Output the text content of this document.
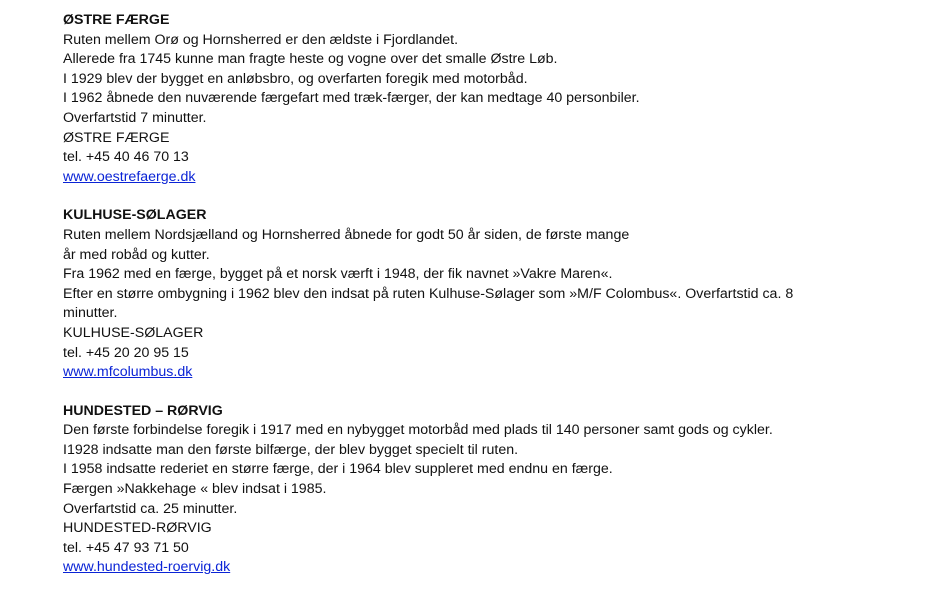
ØSTRE FÆRGE
Ruten mellem Orø og Hornsherred er den ældste i Fjordlandet.
Allerede fra 1745 kunne man fragte heste og vogne over det smalle Østre Løb.
I 1929 blev der bygget en anløbsbro, og overfarten foregik med motorbåd.
I 1962 åbnede den nuværende færgefart med træk-færger, der kan medtage 40 personbiler.
Overfartstid 7 minutter.
ØSTRE FÆRGE
tel. +45 40 46 70 13
www.oestrefaerge.dk
KULHUSE-SØLAGER
Ruten mellem Nordsjælland og Hornsherred åbnede for godt 50 år siden, de første mange
år med robåd og kutter.
Fra 1962 med en færge, bygget på et norsk værft i 1948, der fik navnet »Vakre Maren«.
Efter en større ombygning i 1962 blev den indsat på ruten Kulhuse-Sølager som »M/F Colombus«. Overfartstid ca. 8
minutter.
KULHUSE-SØLAGER
tel. +45 20 20 95 15
www.mfcolumbus.dk
HUNDESTED – RØRVIG
Den første forbindelse foregik i 1917 med en nybygget motorbåd med plads til 140 personer samt gods og cykler.
I1928 indsatte man den første bilfærge, der blev bygget specielt til ruten.
I 1958 indsatte rederiet en større færge, der i 1964 blev suppleret med endnu en færge.
Færgen »Nakkehage « blev indsat i 1985.
Overfartstid ca. 25 minutter.
HUNDESTED-RØRVIG
tel. +45 47 93 71 50
www.hundested-roervig.dk
